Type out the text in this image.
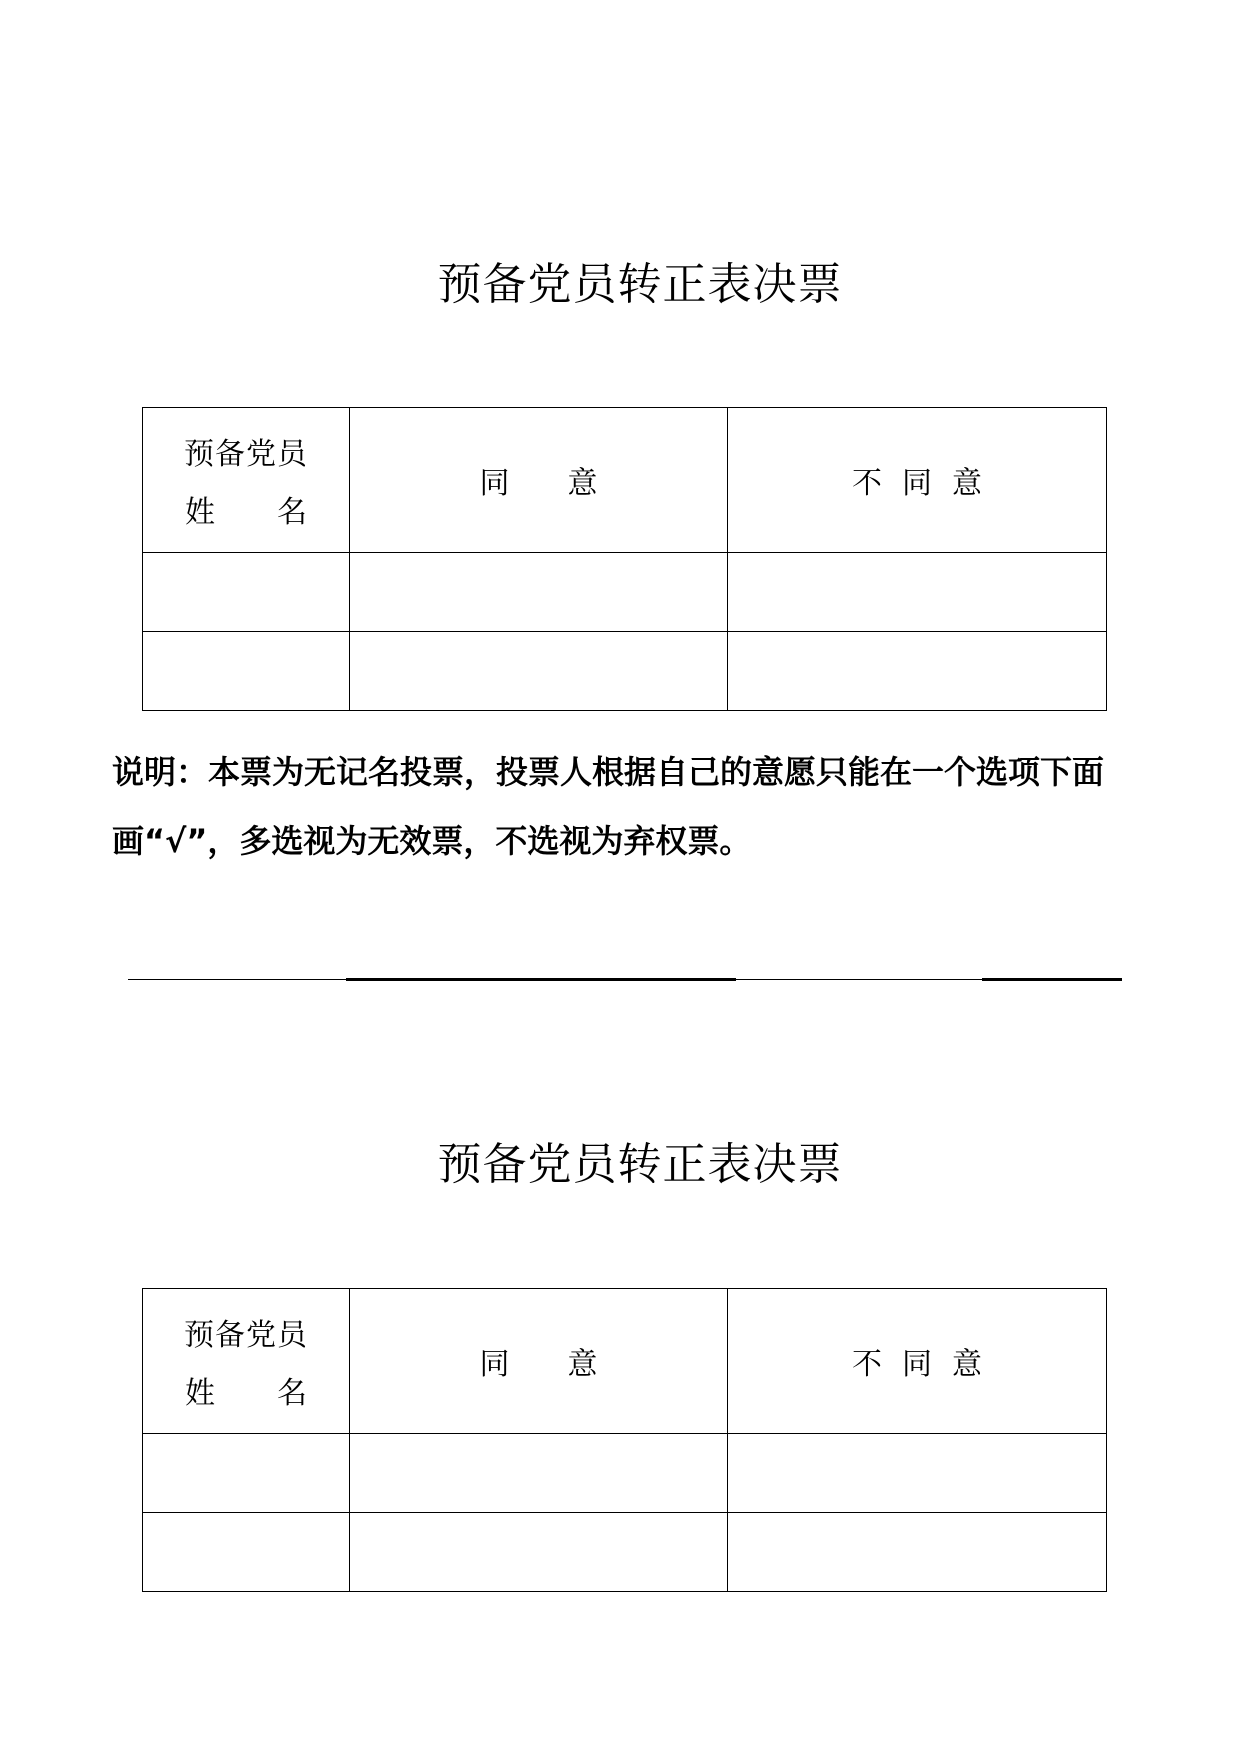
预备党员转正表决票
预备党员
姓 名	同 意	不 同 意

说明：本票为无记名投票，投票人根据自己的意愿只能在一个选项下面画“√”，多选视为无效票，不选视为弃权票。
预备党员转正表决票
预备党员
姓 名	同 意	不 同 意
